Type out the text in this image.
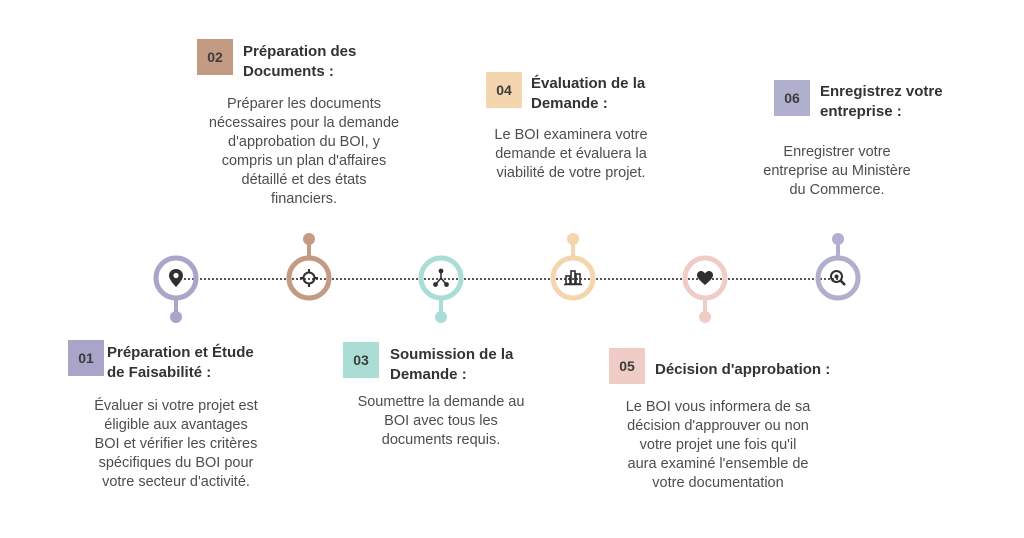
01 Préparation et Étude
de Faisabilité :
Évaluer si votre projet est
éligible aux avantages
BOI et vérifier les critères
spécifiques du BOI pour
votre secteur d'activité.
02 Préparation des
Documents :
Préparer les documents
nécessaires pour la demande
d'approbation du BOI, y
compris un plan d'affaires
détaillé et des états
financiers.
03 Soumission de la
Demande :
Soumettre la demande au
BOI avec tous les
documents requis.
04 Évaluation de la
Demande :
Le BOI examinera votre
demande et évaluera la
viabilité de votre projet.
05 Décision d'approbation :
Le BOI vous informera de sa
décision d'approuver ou non
votre projet une fois qu'il
aura examiné l'ensemble de
votre documentation
06 Enregistrez votre
entreprise :
Enregistrer votre
entreprise au Ministère
du Commerce.
